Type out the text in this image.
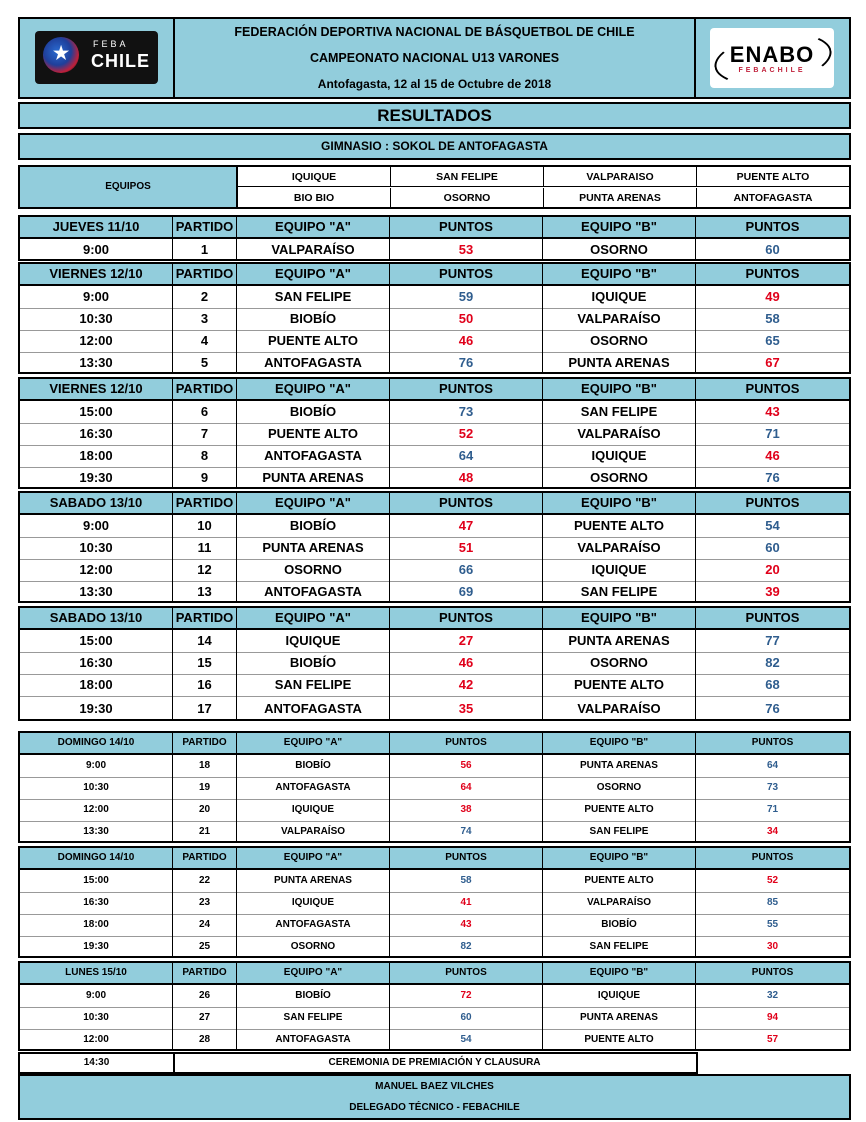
★	FEBA
CHILE
FEDERACIÓN DEPORTIVA NACIONAL DE BÁSQUETBOL DE CHILE
CAMPEONATO NACIONAL U13 VARONES
Antofagasta, 12 al 15 de Octubre de 2018
ENABO
FEBACHILE
RESULTADOS
GIMNASIO : SOKOL DE ANTOFAGASTA
EQUIPOS
IQUIQUE	SAN FELIPE	VALPARAISO	PUENTE ALTO
BIO BIO	OSORNO	PUNTA ARENAS	ANTOFAGASTA
JUEVES 11/10	PARTIDO	EQUIPO "A"	PUNTOS	EQUIPO "B"	PUNTOS
9:00	1	VALPARAÍSO	53	OSORNO	60
VIERNES 12/10	PARTIDO	EQUIPO "A"	PUNTOS	EQUIPO "B"	PUNTOS
9:00	2	SAN FELIPE	59	IQUIQUE	49
10:30	3	BIOBÍO	50	VALPARAÍSO	58
12:00	4	PUENTE ALTO	46	OSORNO	65
13:30	5	ANTOFAGASTA	76	PUNTA ARENAS	67
VIERNES 12/10	PARTIDO	EQUIPO "A"	PUNTOS	EQUIPO "B"	PUNTOS
15:00	6	BIOBÍO	73	SAN FELIPE	43
16:30	7	PUENTE ALTO	52	VALPARAÍSO	71
18:00	8	ANTOFAGASTA	64	IQUIQUE	46
19:30	9	PUNTA ARENAS	48	OSORNO	76
SABADO 13/10	PARTIDO	EQUIPO "A"	PUNTOS	EQUIPO "B"	PUNTOS
9:00	10	BIOBÍO	47	PUENTE ALTO	54
10:30	11	PUNTA ARENAS	51	VALPARAÍSO	60
12:00	12	OSORNO	66	IQUIQUE	20
13:30	13	ANTOFAGASTA	69	SAN FELIPE	39
SABADO 13/10	PARTIDO	EQUIPO "A"	PUNTOS	EQUIPO "B"	PUNTOS
15:00	14	IQUIQUE	27	PUNTA ARENAS	77
16:30	15	BIOBÍO	46	OSORNO	82
18:00	16	SAN FELIPE	42	PUENTE ALTO	68
19:30	17	ANTOFAGASTA	35	VALPARAÍSO	76
DOMINGO 14/10	PARTIDO	EQUIPO "A"	PUNTOS	EQUIPO "B"	PUNTOS
9:00	18	BIOBÍO	56	PUNTA ARENAS	64
10:30	19	ANTOFAGASTA	64	OSORNO	73
12:00	20	IQUIQUE	38	PUENTE ALTO	71
13:30	21	VALPARAÍSO	74	SAN FELIPE	34
DOMINGO 14/10	PARTIDO	EQUIPO "A"	PUNTOS	EQUIPO "B"	PUNTOS
15:00	22	PUNTA ARENAS	58	PUENTE ALTO	52
16:30	23	IQUIQUE	41	VALPARAÍSO	85
18:00	24	ANTOFAGASTA	43	BIOBÍO	55
19:30	25	OSORNO	82	SAN FELIPE	30
LUNES 15/10	PARTIDO	EQUIPO "A"	PUNTOS	EQUIPO "B"	PUNTOS
9:00	26	BIOBÍO	72	IQUIQUE	32
10:30	27	SAN FELIPE	60	PUNTA ARENAS	94
12:00	28	ANTOFAGASTA	54	PUENTE ALTO	57
14:30	CEREMONIA DE PREMIACIÓN Y CLAUSURA
MANUEL BAEZ VILCHES
DELEGADO TÉCNICO - FEBACHILE
